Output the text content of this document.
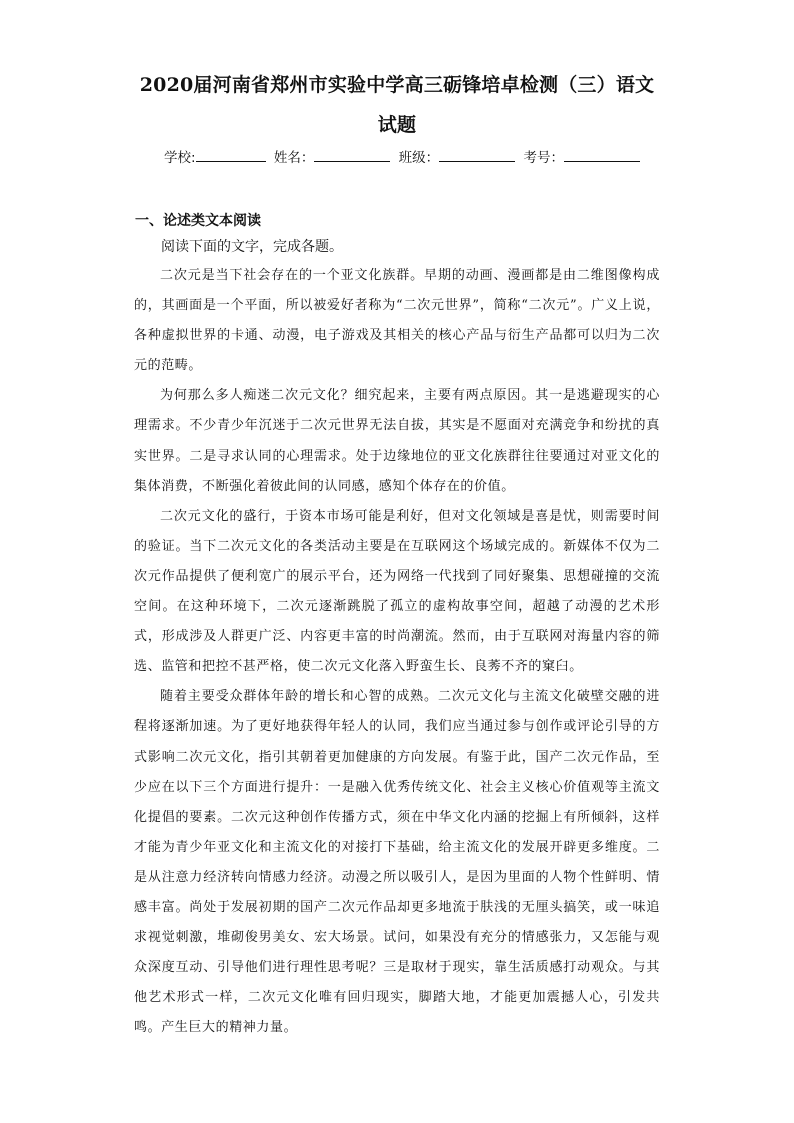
2020届河南省郑州市实验中学高三砺锋培卓检测（三）语文
试题
学校:	姓名：	班级：	考号：
一、论述类文本阅读
阅读下面的文字，完成各题。

二次元是当下社会存在的一个亚文化族群。早期的动画、漫画都是由二维图像构成的，其画面是一个平面，所以被爱好者称为“二次元世界”，简称“二次元”。广义上说，各种虚拟世界的卡通、动漫，电子游戏及其相关的核心产品与衍生产品都可以归为二次元的范畴。

为何那么多人痴迷二次元文化？细究起来，主要有两点原因。其一是逃避现实的心理需求。不少青少年沉迷于二次元世界无法自拔，其实是不愿面对充满竞争和纷扰的真实世界。二是寻求认同的心理需求。处于边缘地位的亚文化族群往往要通过对亚文化的集体消费，不断强化着彼此间的认同感，感知个体存在的价值。

二次元文化的盛行，于资本市场可能是利好，但对文化领域是喜是忧，则需要时间的验证。当下二次元文化的各类活动主要是在互联网这个场域完成的。新媒体不仅为二次元作品提供了便利宽广的展示平台，还为网络一代找到了同好聚集、思想碰撞的交流空间。在这种环境下，二次元逐渐跳脱了孤立的虚构故事空间，超越了动漫的艺术形式，形成涉及人群更广泛、内容更丰富的时尚潮流。然而，由于互联网对海量内容的筛选、监管和把控不甚严格，使二次元文化落入野蛮生长、良莠不齐的窠臼。

随着主要受众群体年龄的增长和心智的成熟。二次元文化与主流文化破壁交融的进程将逐渐加速。为了更好地获得年轻人的认同，我们应当通过参与创作或评论引导的方式影响二次元文化，指引其朝着更加健康的方向发展。有鉴于此，国产二次元作品，至少应在以下三个方面进行提升：一是融入优秀传统文化、社会主义核心价值观等主流文化提倡的要素。二次元这种创作传播方式，须在中华文化内涵的挖掘上有所倾斜，这样才能为青少年亚文化和主流文化的对接打下基础，给主流文化的发展开辟更多维度。二是从注意力经济转向情感力经济。动漫之所以吸引人，是因为里面的人物个性鲜明、情感丰富。尚处于发展初期的国产二次元作品却更多地流于肤浅的无厘头搞笑，或一味追求视觉刺激，堆砌俊男美女、宏大场景。试问，如果没有充分的情感张力，又怎能与观众深度互动、引导他们进行理性思考呢？三是取材于现实，靠生活质感打动观众。与其他艺术形式一样，二次元文化唯有回归现实，脚踏大地，才能更加震撼人心，引发共鸣。产生巨大的精神力量。
